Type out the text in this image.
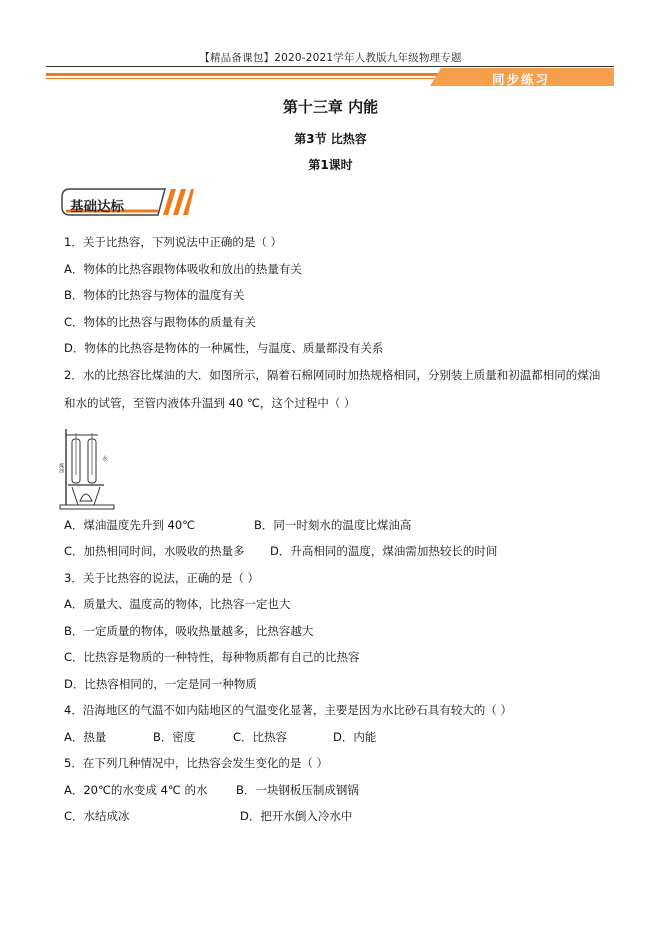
【精品备课包】2020-2021学年人教版九年级物理专题
同步练习
第十三章 内能
第3节 比热容
第1课时
基础达标
1．关于比热容，下列说法中正确的是（ ）
A．物体的比热容跟物体吸收和放出的热量有关
B．物体的比热容与物体的温度有关
C．物体的比热容与跟物体的质量有关
D．物体的比热容是物体的一种属性，与温度、质量都没有关系
2．水的比热容比煤油的大．如图所示，隔着石棉网同时加热规格相同，分别装上质量和初温都相同的煤油
和水的试管，至管内液体升温到 40 ℃，这个过程中（ ）
煤油
水
A．煤油温度先升到 40℃	B．同一时刻水的温度比煤油高
C．加热相同时间，水吸收的热量多 D．升高相同的温度，煤油需加热较长的时间
3．关于比热容的说法，正确的是（ ）
A．质量大、温度高的物体，比热容一定也大
B．一定质量的物体，吸收热量越多，比热容越大
C．比热容是物质的一种特性，每种物质都有自己的比热容
D．比热容相同的，一定是同一种物质
4．沿海地区的气温不如内陆地区的气温变化显著，主要是因为水比砂石具有较大的（ ）
A．热量	B．密度	C．比热容	D．内能
5．在下列几种情况中，比热容会发生变化的是（ ）
A．20℃的水变成 4℃ 的水 B．一块钢板压制成钢锅
C．水结成冰	D．把开水倒入冷水中
